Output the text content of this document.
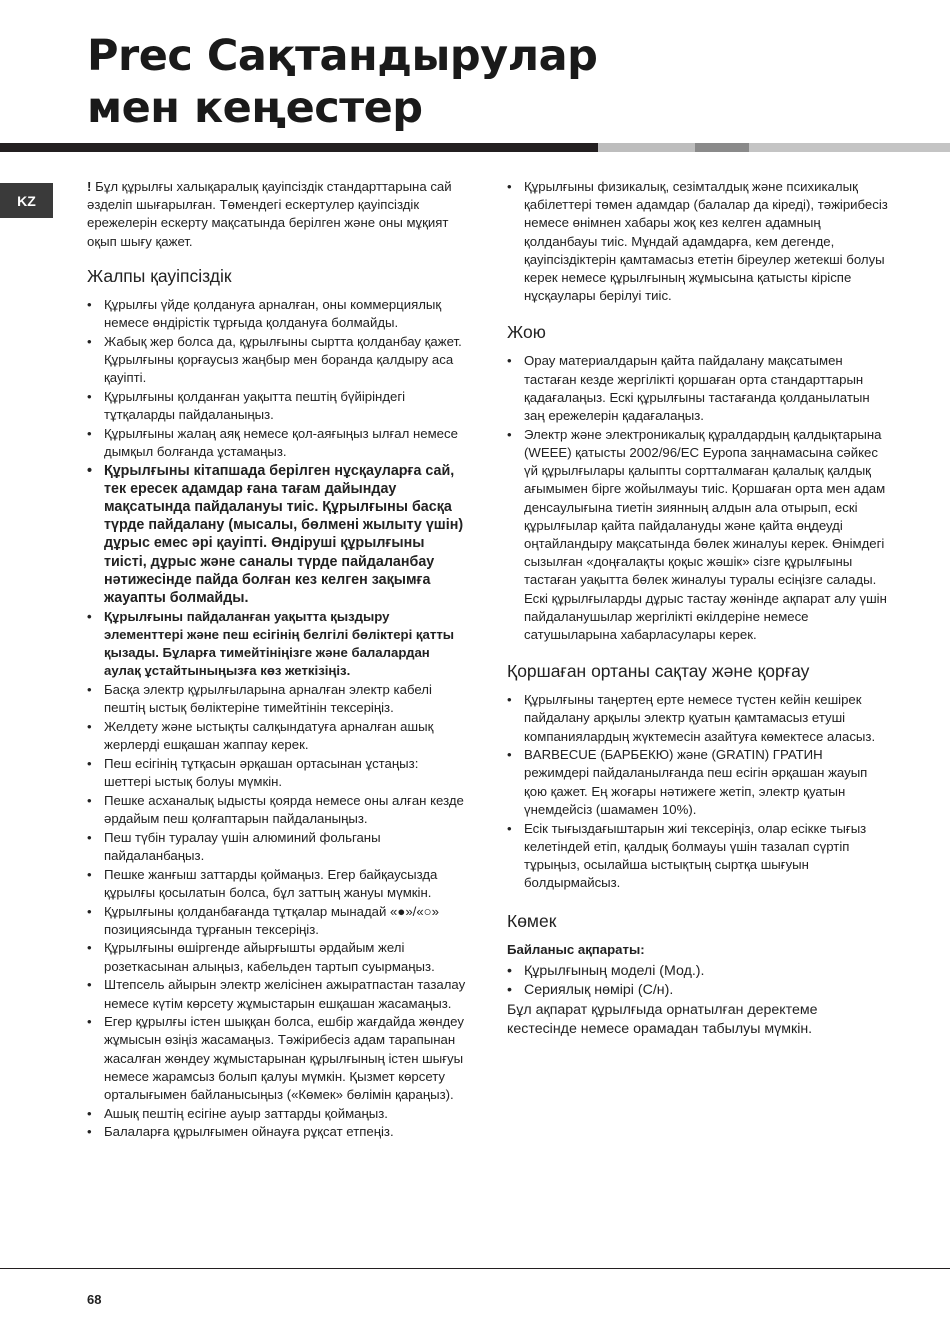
Prec Сақтандырулар
мен кеңестер
KZ

! Бұл құрылғы халықаралық қауіпсіздік стандарттарына сай әзделіп шығарылған. Төмендегі ескертулер қауіпсіздік ережелерін ескерту мақсатында берілген және оны мұқият оқып шығу қажет.

Жалпы қауіпсіздік
• Құрылғы үйде қолдануға арналған, оны коммерциялық немесе өндірістік тұрғыда қолдануға болмайды.
• Жабық жер болса да, құрылғыны сыртта қолданбау қажет. Құрылғыны қорғаусыз жаңбыр мен боранда қалдыру аса қауіпті.
• Құрылғыны қолданған уақытта пештің бүйіріндегі тұтқаларды пайдаланыңыз.
• Құрылғыны жалаң аяқ немесе қол-аяғыңыз ылғал немесе дымқыл болғанда ұстамаңыз.
• Құрылғыны кітапшада берілген нұсқауларға сай, тек ересек адамдар ғана тағам дайындау мақсатында пайдалануы тиіс. Құрылғыны басқа түрде пайдалану (мысалы, бөлмені жылыту үшін) дұрыс емес әрі қауіпті. Өндіруші құрылғыны тиісті, дұрыс және саналы түрде пайдаланбау нәтижесінде пайда болған кез келген зақымға жауапты болмайды.
• Құрылғыны пайдаланған уақытта қыздыру элементтері және пеш есігінің белгілі бөліктері қатты қызады. Бұларға тимейтініңізге және балалардан аулақ ұстайтыныңызға көз жеткізіңіз.
• Басқа электр құрылғыларына арналған электр кабелі пештің ыстық бөліктеріне тимейтінін тексеріңіз.
• Желдету және ыстықты салқындатуға арналған ашық жерлерді ешқашан жаппау керек.
• Пеш есігінің тұтқасын әрқашан ортасынан ұстаңыз: шеттері ыстық болуы мүмкін.
• Пешке асханалық ыдысты қоярда немесе оны алған кезде әрдайым пеш қолғаптарын пайдаланыңыз.
• Пеш түбін туралау үшін алюминий фольганы пайдаланбаңыз.
• Пешке жанғыш заттарды қоймаңыз. Егер байқаусызда құрылғы қосылатын болса, бұл заттың жануы мүмкін.
• Құрылғыны қолданбағанда тұтқалар мынадай «●»/«○» позициясында тұрғанын тексеріңіз.
• Құрылғыны өшіргенде айырғышты әрдайым желі розеткасынан алыңыз, кабельден тартып суырмаңыз.
• Штепсель айырын электр желісінен ажыратпастан тазалау немесе күтім көрсету жұмыстарын ешқашан жасамаңыз.
• Егер құрылғы істен шыққан болса, ешбір жағдайда жөндеу жұмысын өзіңіз жасамаңыз. Тәжірибесіз адам тарапынан жасалған жөндеу жұмыстарынан құрылғының істен шығуы немесе жарамсыз болып қалуы мүмкін. Қызмет көрсету орталығымен байланысыңыз («Көмек» бөлімін қараңыз).
• Ашық пештің есігіне ауыр заттарды қоймаңыз.
• Балаларға құрылғымен ойнауға рұқсат етпеңіз.
• Құрылғыны физикалық, сезімталдық және психикалық қабілеттері төмен адамдар (балалар да кіреді), тәжірибесіз немесе өнімнен хабары жоқ кез келген адамның қолданбауы тиіс. Мұндай адамдарға, кем дегенде, қауіпсіздіктерін қамтамасыз ететін біреулер жетекші болуы керек немесе құрылғының жұмысына қатысты кіріспе нұсқаулары берілуі тиіс.
Жою
• Орау материалдарын қайта пайдалану мақсатымен тастаған кезде жергілікті қоршаған орта стандарттарын қадағалаңыз. Ескі құрылғыны тастағанда қолданылатын заң ережелерін қадағалаңыз.
• Электр және электроникалық құралдардың қалдықтарына (WEEE) қатысты 2002/96/EC Еуропа заңнамасына сәйкес үй құрылғылары қалыпты сортталмаған қалалық қалдық ағымымен бірге жойылмауы тиіс. Қоршаған орта мен адам денсаулығына тиетін зиянның алдын ала отырып, ескі құрылғылар қайта пайдалануды және қайта өңдеуді оңтайландыру мақсатында бөлек жиналуы керек. Өнімдегі сызылған «доңғалақты қоқыс жәшік» сізге құрылғыны тастаған уақытта бөлек жиналуы туралы есіңізге салады. Ескі құрылғыларды дұрыс тастау жөнінде ақпарат алу үшін пайдаланушылар жергілікті өкілдеріне немесе сатушыларына хабарласулары керек.
Қоршаған ортаны сақтау және қорғау
• Құрылғыны таңертең ерте немесе түстен кейін кешірек пайдалану арқылы электр қуатын қамтамасыз етуші компаниялардың жүктемесін азайтуға көмектесе аласыз.
• BARBECUE (БАРБЕКЮ) және (GRATIN) ГРАТИН режимдері пайдаланылғанда пеш есігін әрқашан жауып қою қажет. Ең жоғары нәтижеге жетіп, электр қуатын үнемдейсіз (шамамен 10%).
• Есік тығыздағыштарын жиі тексеріңіз, олар есікке тығыз келетіндей етіп, қалдық болмауы үшін тазалап сүртіп тұрыңыз, осылайша ыстықтың сыртқа шығуын болдырмайсыз.
Көмек
Байланыс ақпараты:
• Құрылғының моделі (Мод.).
• Сериялық нөмірі (С/н).
Бұл ақпарат құрылғыда орнатылған деректеме кестесінде немесе орамадан табылуы мүмкін.
68
